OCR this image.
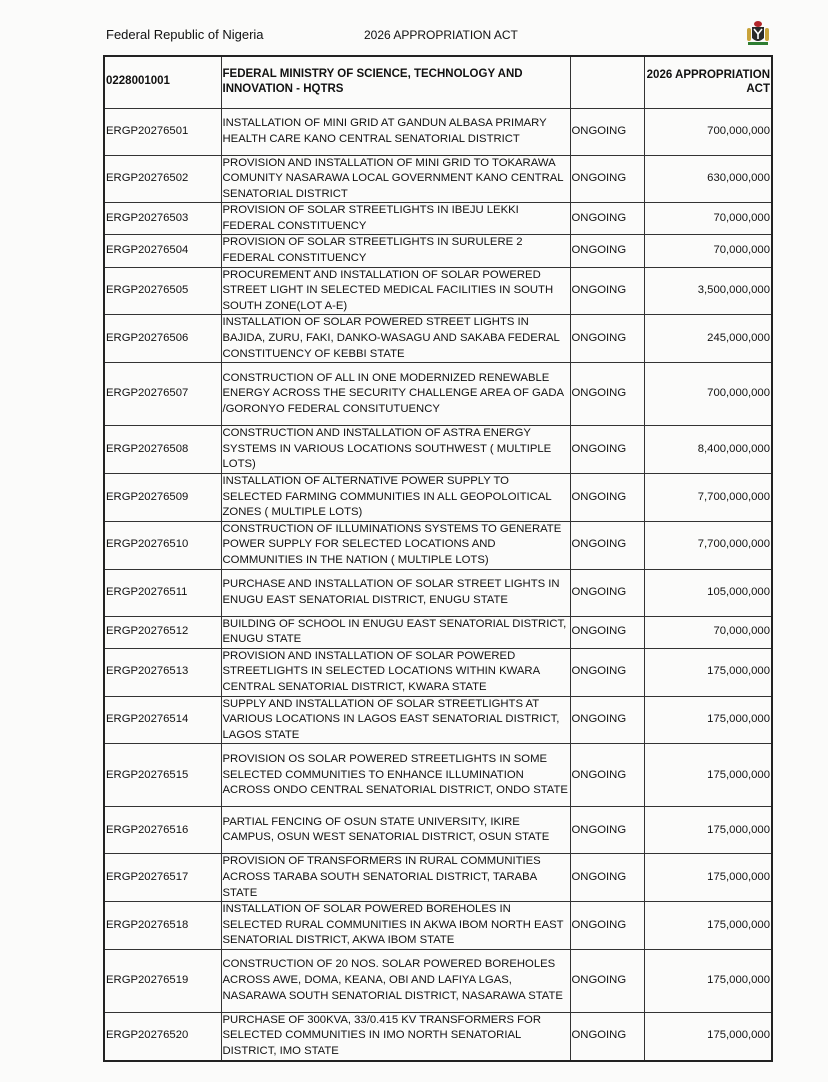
Federal Republic of Nigeria	2026 APPROPRIATION ACT
0228001001	FEDERAL MINISTRY OF SCIENCE, TECHNOLOGY AND INNOVATION - HQTRS		2026 APPROPRIATION ACT
ERGP20276501	INSTALLATION OF MINI GRID AT GANDUN ALBASA PRIMARY HEALTH CARE KANO CENTRAL SENATORIAL DISTRICT	ONGOING	700,000,000
ERGP20276502	PROVISION AND INSTALLATION OF MINI GRID TO TOKARAWA COMUNITY NASARAWA LOCAL GOVERNMENT KANO CENTRAL SENATORIAL DISTRICT	ONGOING	630,000,000
ERGP20276503	PROVISION OF SOLAR STREETLIGHTS IN IBEJU LEKKI FEDERAL CONSTITUENCY	ONGOING	70,000,000
ERGP20276504	PROVISION OF SOLAR STREETLIGHTS IN SURULERE 2 FEDERAL CONSTITUENCY	ONGOING	70,000,000
ERGP20276505	PROCUREMENT AND INSTALLATION OF SOLAR POWERED STREET LIGHT IN SELECTED MEDICAL FACILITIES IN SOUTH SOUTH ZONE(LOT A-E)	ONGOING	3,500,000,000
ERGP20276506	INSTALLATION OF SOLAR POWERED STREET LIGHTS IN BAJIDA, ZURU, FAKI, DANKO-WASAGU AND SAKABA FEDERAL CONSTITUENCY OF KEBBI STATE	ONGOING	245,000,000
ERGP20276507	CONSTRUCTION OF ALL IN ONE MODERNIZED RENEWABLE ENERGY ACROSS THE SECURITY CHALLENGE AREA OF GADA /GORONYO FEDERAL CONSITUTUENCY	ONGOING	700,000,000
ERGP20276508	CONSTRUCTION AND INSTALLATION OF ASTRA ENERGY SYSTEMS IN VARIOUS LOCATIONS SOUTHWEST ( MULTIPLE LOTS)	ONGOING	8,400,000,000
ERGP20276509	INSTALLATION OF ALTERNATIVE POWER SUPPLY TO SELECTED FARMING COMMUNITIES IN ALL GEOPOLOITICAL ZONES ( MULTIPLE LOTS)	ONGOING	7,700,000,000
ERGP20276510	CONSTRUCTION OF ILLUMINATIONS SYSTEMS TO GENERATE POWER SUPPLY FOR SELECTED LOCATIONS AND COMMUNITIES IN THE NATION ( MULTIPLE LOTS)	ONGOING	7,700,000,000
ERGP20276511	PURCHASE AND INSTALLATION OF SOLAR STREET LIGHTS IN ENUGU EAST SENATORIAL DISTRICT, ENUGU STATE	ONGOING	105,000,000
ERGP20276512	BUILDING OF SCHOOL IN ENUGU EAST SENATORIAL DISTRICT, ENUGU STATE	ONGOING	70,000,000
ERGP20276513	PROVISION AND INSTALLATION OF SOLAR POWERED STREETLIGHTS IN SELECTED LOCATIONS WITHIN KWARA CENTRAL SENATORIAL DISTRICT, KWARA STATE	ONGOING	175,000,000
ERGP20276514	SUPPLY AND INSTALLATION OF SOLAR STREETLIGHTS AT VARIOUS LOCATIONS IN LAGOS EAST SENATORIAL DISTRICT, LAGOS STATE	ONGOING	175,000,000
ERGP20276515	PROVISION OS SOLAR POWERED STREETLIGHTS IN SOME SELECTED COMMUNITIES TO ENHANCE ILLUMINATION ACROSS ONDO CENTRAL SENATORIAL DISTRICT, ONDO STATE	ONGOING	175,000,000
ERGP20276516	PARTIAL FENCING OF OSUN STATE UNIVERSITY, IKIRE CAMPUS, OSUN WEST SENATORIAL DISTRICT, OSUN STATE	ONGOING	175,000,000
ERGP20276517	PROVISION OF TRANSFORMERS IN RURAL COMMUNITIES ACROSS TARABA SOUTH SENATORIAL DISTRICT, TARABA STATE	ONGOING	175,000,000
ERGP20276518	INSTALLATION OF SOLAR POWERED BOREHOLES IN SELECTED RURAL COMMUNITIES IN AKWA IBOM NORTH EAST SENATORIAL DISTRICT, AKWA IBOM STATE	ONGOING	175,000,000
ERGP20276519	CONSTRUCTION OF 20 NOS. SOLAR POWERED BOREHOLES ACROSS AWE, DOMA, KEANA, OBI AND LAFIYA LGAS, NASARAWA SOUTH SENATORIAL DISTRICT, NASARAWA STATE	ONGOING	175,000,000
ERGP20276520	PURCHASE OF 300KVA, 33/0.415 KV TRANSFORMERS FOR SELECTED COMMUNITIES IN IMO NORTH SENATORIAL DISTRICT, IMO STATE	ONGOING	175,000,000
